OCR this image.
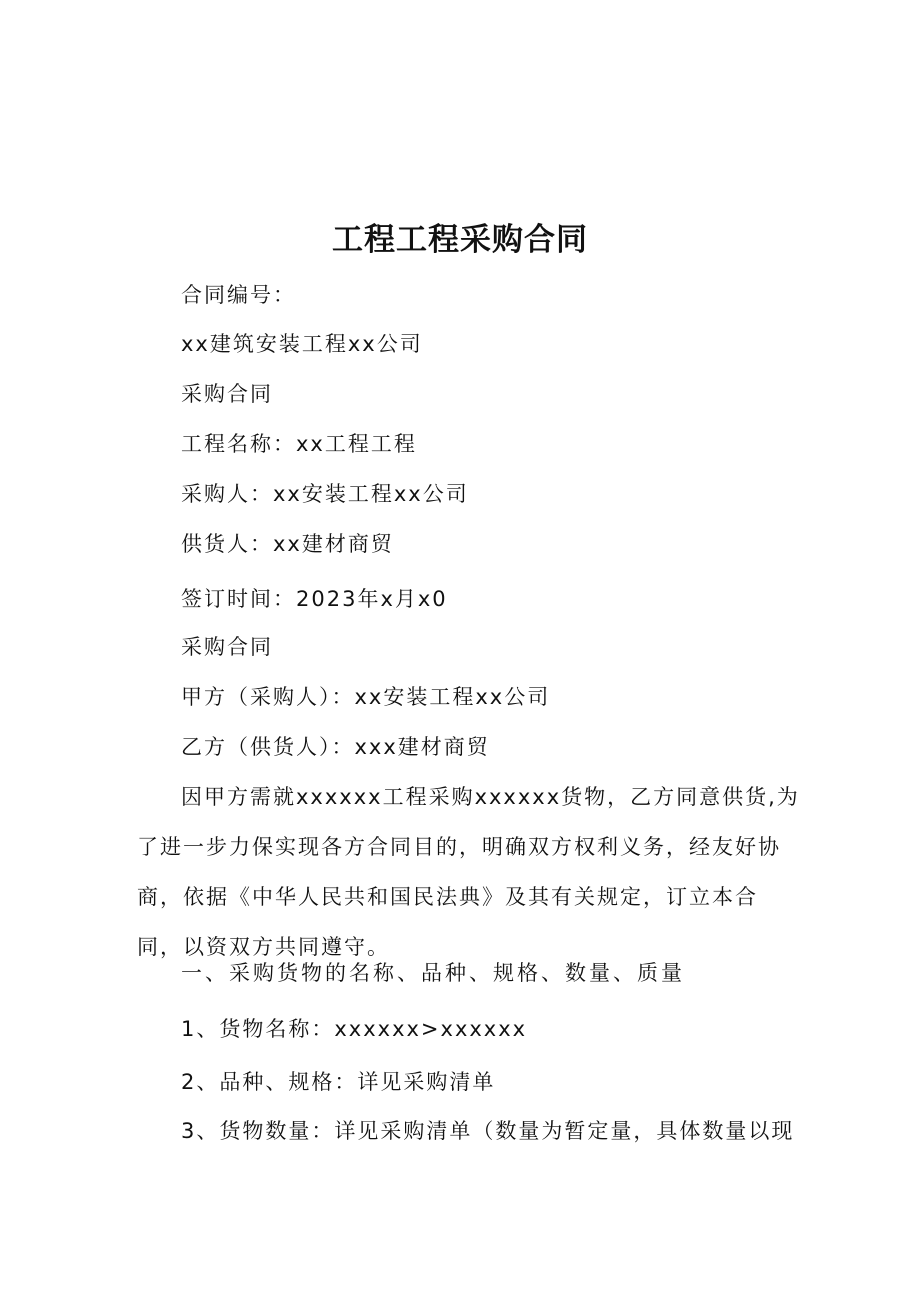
工程工程采购合同
合同编号：
xx建筑安装工程xx公司
采购合同
工程名称：xx工程工程
采购人：xx安装工程xx公司
供货人：xx建材商贸
签订时间：2023年x月x0
采购合同
甲方（采购人）：xx安装工程xx公司
乙方（供货人）：xxx建材商贸
因甲方需就xxxxxx工程采购xxxxxx货物，乙方同意供货,为
了进一步力保实现各方合同目的，明确双方权利义务，经友好协
商，依据《中华人民共和国民法典》及其有关规定，订立本合
同，以资双方共同遵守。
一、采购货物的名称、品种、规格、数量、质量
1、货物名称：xxxxxx>xxxxxx
2、品种、规格：详见采购清单
3、货物数量：详见采购清单（数量为暂定量，具体数量以现
